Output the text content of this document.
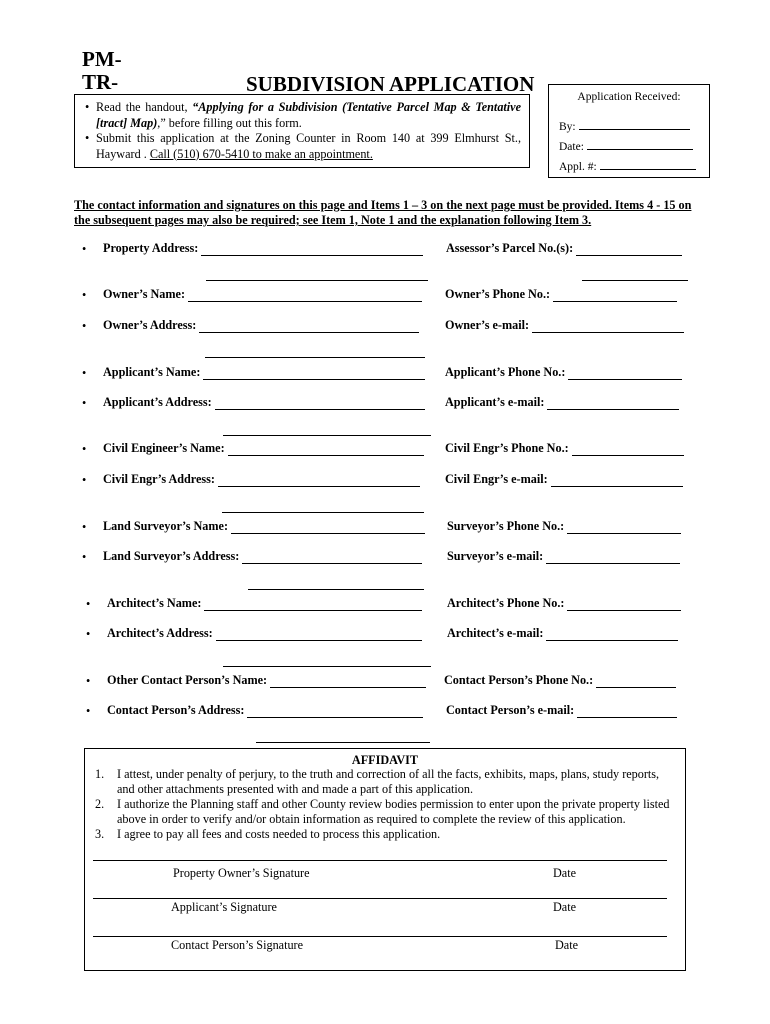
PM-
TR-	SUBDIVISION APPLICATION
• Read the handout, “Applying for a Subdivision (Tentative Parcel Map & Tentative [tract] Map),” before filling out this form.
• Submit this application at the Zoning Counter in Room 140 at 399 Elmhurst St., Hayward . Call (510) 670-5410 to make an appointment.
Application Received:
By:
Date:
Appl. #:
The contact information and signatures on this page and Items 1 – 3 on the next page must be provided. Items 4 - 15 on the subsequent pages may also be required; see Item 1, Note 1 and the explanation following Item 3.
• Property Address:	Assessor’s Parcel No.(s):
• Owner’s Name:	Owner’s Phone No.:
• Owner’s Address:	Owner’s e-mail:
• Applicant’s Name:	Applicant’s Phone No.:
• Applicant’s Address:	Applicant’s e-mail:
• Civil Engineer’s Name:	Civil Engr’s Phone No.:
• Civil Engr’s Address:	Civil Engr’s e-mail:
• Land Surveyor’s Name:	Surveyor’s Phone No.:
• Land Surveyor’s Address:	Surveyor’s e-mail:
• Architect’s Name:	Architect’s Phone No.:
• Architect’s Address:	Architect’s e-mail:
• Other Contact Person’s Name:	Contact Person’s Phone No.:
• Contact Person’s Address:	Contact Person’s e-mail:
AFFIDAVIT
1.	I attest, under penalty of perjury, to the truth and correction of all the facts, exhibits, maps, plans, study reports, and other attachments presented with and made a part of this application.
2.	I authorize the Planning staff and other County review bodies permission to enter upon the private property listed above in order to verify and/or obtain information as required to complete the review of this application.
3.	I agree to pay all fees and costs needed to process this application.
Property Owner’s Signature	Date
Applicant’s Signature	Date
Contact Person’s Signature	Date
